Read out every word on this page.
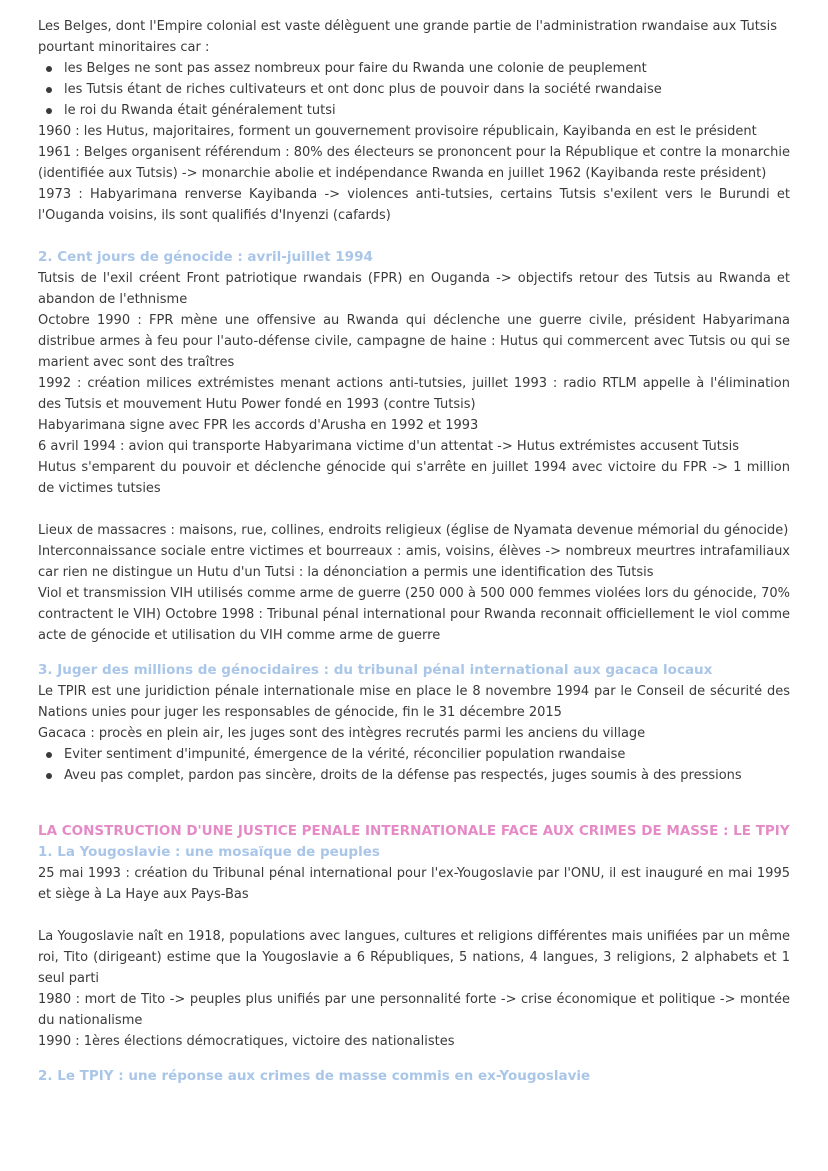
Les Belges, dont l'Empire colonial est vaste délèguent une grande partie de l'administration rwandaise aux Tutsis pourtant minoritaires car :

les Belges ne sont pas assez nombreux pour faire du Rwanda une colonie de peuplement
les Tutsis étant de riches cultivateurs et ont donc plus de pouvoir dans la société rwandaise
le roi du Rwanda était généralement tutsi

1960 : les Hutus, majoritaires, forment un gouvernement provisoire républicain, Kayibanda en est le président

1961 : Belges organisent référendum : 80% des électeurs se prononcent pour la République et contre la monarchie (identifiée aux Tutsis) -> monarchie abolie et indépendance Rwanda en juillet 1962 (Kayibanda reste président)

1973 : Habyarimana renverse Kayibanda -> violences anti-tutsies, certains Tutsis s'exilent vers le Burundi et l'Ouganda voisins, ils sont qualifiés d'Inyenzi (cafards)

2. Cent jours de génocide : avril-juillet 1994

Tutsis de l'exil créent Front patriotique rwandais (FPR) en Ouganda -> objectifs retour des Tutsis au Rwanda et abandon de l'ethnisme

Octobre 1990 : FPR mène une offensive au Rwanda qui déclenche une guerre civile, président Habyarimana distribue armes à feu pour l'auto-défense civile, campagne de haine : Hutus qui commercent avec Tutsis ou qui se marient avec sont des traîtres

1992 : création milices extrémistes menant actions anti-tutsies, juillet 1993 : radio RTLM appelle à l'élimination des Tutsis et mouvement Hutu Power fondé en 1993 (contre Tutsis)

Habyarimana signe avec FPR les accords d'Arusha en 1992 et 1993

6 avril 1994 : avion qui transporte Habyarimana victime d'un attentat -> Hutus extrémistes accusent Tutsis

Hutus s'emparent du pouvoir et déclenche génocide qui s'arrête en juillet 1994 avec victoire du FPR -> 1 million de victimes tutsies

Lieux de massacres : maisons, rue, collines, endroits religieux (église de Nyamata devenue mémorial du génocide)

Interconnaissance sociale entre victimes et bourreaux : amis, voisins, élèves -> nombreux meurtres intrafamiliaux car rien ne distingue un Hutu d'un Tutsi : la dénonciation a permis une identification des Tutsis

Viol et transmission VIH utilisés comme arme de guerre (250 000 à 500 000 femmes violées lors du génocide, 70% contractent le VIH) Octobre 1998 : Tribunal pénal international pour Rwanda reconnait officiellement le viol comme acte de génocide et utilisation du VIH comme arme de guerre

3. Juger des millions de génocidaires : du tribunal pénal international aux gacaca locaux

Le TPIR est une juridiction pénale internationale mise en place le 8 novembre 1994 par le Conseil de sécurité des Nations unies pour juger les responsables de génocide, fin le 31 décembre 2015

Gacaca : procès en plein air, les juges sont des intègres recrutés parmi les anciens du village

Eviter sentiment d'impunité, émergence de la vérité, réconcilier population rwandaise
Aveu pas complet, pardon pas sincère, droits de la défense pas respectés, juges soumis à des pressions

LA CONSTRUCTION D'UNE JUSTICE PENALE INTERNATIONALE FACE AUX CRIMES DE MASSE : LE TPIY

1. La Yougoslavie : une mosaïque de peuples

25 mai 1993 : création du Tribunal pénal international pour l'ex-Yougoslavie par l'ONU, il est inauguré en mai 1995 et siège à La Haye aux Pays-Bas

La Yougoslavie naît en 1918, populations avec langues, cultures et religions différentes mais unifiées par un même roi, Tito (dirigeant) estime que la Yougoslavie a 6 Républiques, 5 nations, 4 langues, 3 religions, 2 alphabets et 1 seul parti

1980 : mort de Tito -> peuples plus unifiés par une personnalité forte -> crise économique et politique -> montée du nationalisme

1990 : 1ères élections démocratiques, victoire des nationalistes

2. Le TPIY : une réponse aux crimes de masse commis en ex-Yougoslavie
